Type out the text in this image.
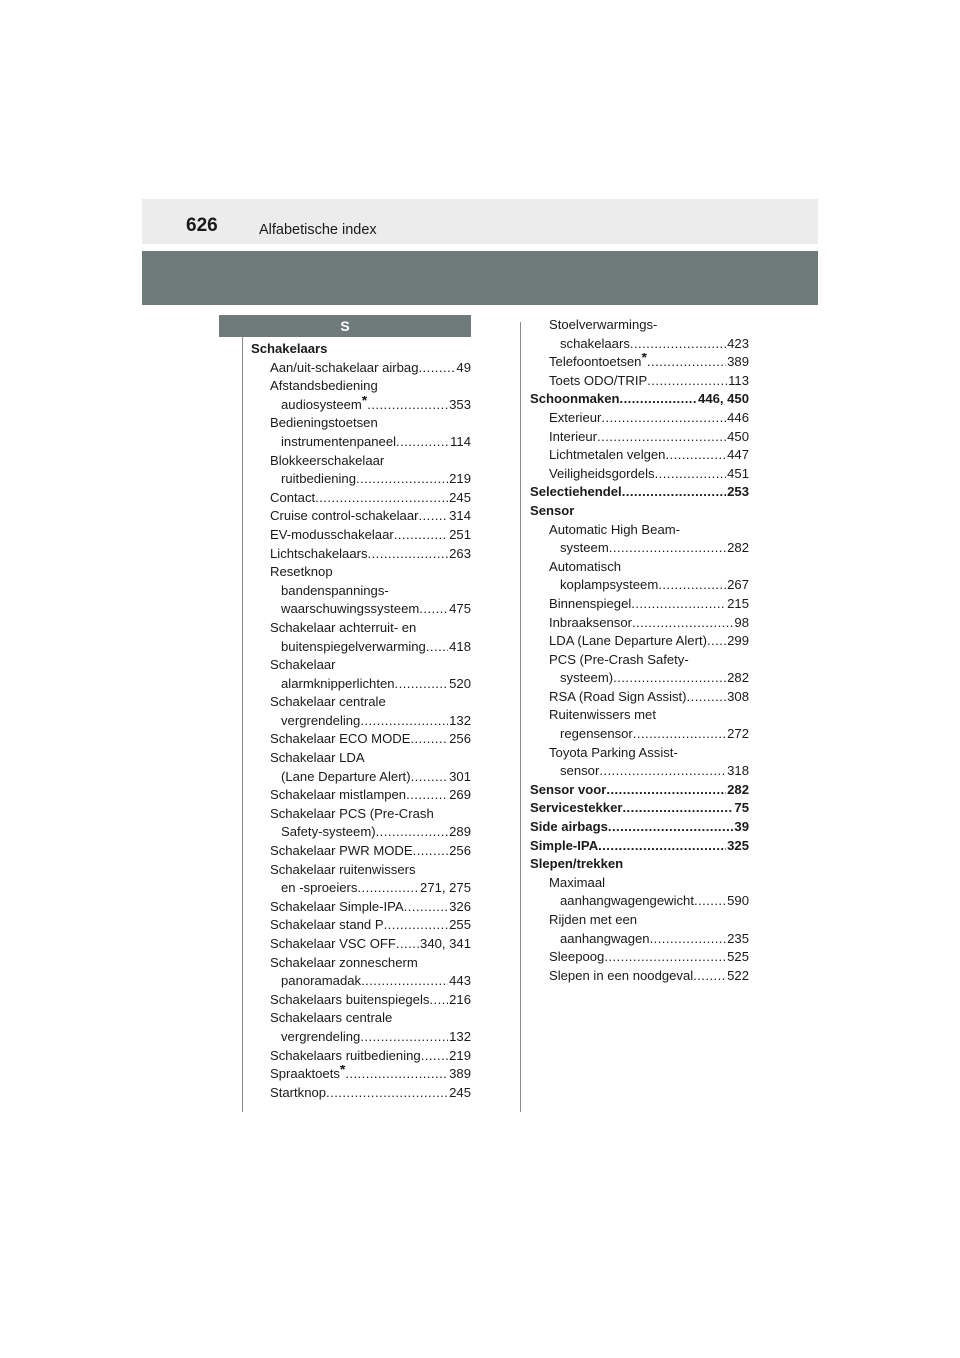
626	Alfabetische index
S
Schakelaars
Aan/uit-schakelaar airbag . . .	49
Afstandsbediening
audiosysteem* . . .	353
Bedieningstoetsen
instrumentenpaneel . . .	114
Blokkeerschakelaar
ruitbediening . . .	219
Contact . . .	245
Cruise control-schakelaar . . . 314
EV-modusschakelaar . . .	251
Lichtschakelaars . . .	263
Resetknop
bandenspannings-
waarschuwingssysteem . . . 475
Schakelaar achterruit- en
buitenspiegelverwarming . . . 418
Schakelaar
alarmknipperlichten . . .	520
Schakelaar centrale
vergrendeling . . .	132
Schakelaar ECO MODE . . .	256
Schakelaar LDA
(Lane Departure Alert) . . .	301
Schakelaar mistlampen . . .	269
Schakelaar PCS (Pre-Crash
Safety-systeem) . . .	289
Schakelaar PWR MODE . . .	256
Schakelaar ruitenwissers
en -sproeiers . . .	271, 275
Schakelaar Simple-IPA . . .	326
Schakelaar stand P . . .	255
Schakelaar VSC OFF . . . 340, 341
Schakelaar zonnescherm
panoramadak . . .	443
Schakelaars buitenspiegels . . . 216
Schakelaars centrale
vergrendeling . . .	132
Schakelaars ruitbediening . . . 219
Spraaktoets* . . .	389
Startknop . . .	245
Stoelverwarmings-
schakelaars . . .	423
Telefoontoetsen* . . .	389
Toets ODO/TRIP . . .	113
Schoonmaken . . .	446, 450
Exterieur . . .	446
Interieur . . .	450
Lichtmetalen velgen . . .	447
Veiligheidsgordels . . .	451
Selectiehendel . . .	253
Sensor
Automatic High Beam-
systeem . . .	282
Automatisch
koplampsysteem . . .	267
Binnenspiegel . . .	215
Inbraaksensor . . .	98
LDA (Lane Departure Alert) . . . 299
PCS (Pre-Crash Safety-
systeem) . . .	282
RSA (Road Sign Assist) . . .	308
Ruitenwissers met
regensensor . . .	272
Toyota Parking Assist-
sensor . . .	318
Sensor voor . . .	282
Servicestekker . . .	75
Side airbags . . .	39
Simple-IPA . . .	325
Slepen/trekken
Maximaal
aanhangwagengewicht . . .	590
Rijden met een
aanhangwagen . . .	235
Sleepoog . . .	525
Slepen in een noodgeval . . .	522
